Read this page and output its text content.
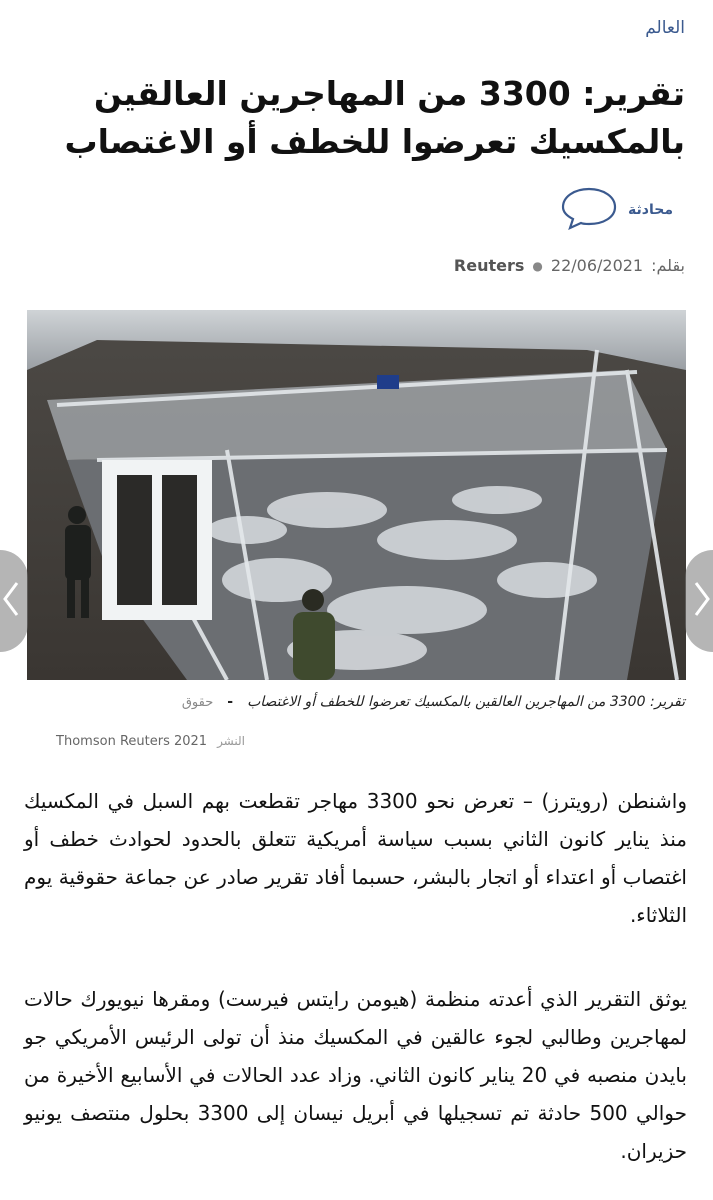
العالم
تقرير: 3300 من المهاجرين العالقين بالمكسيك تعرضوا للخطف أو الاغتصاب
محادثة
بقلم:
22/06/2021
●
Reuters
تقرير: 3300 من المهاجرين العالقين بالمكسيك تعرضوا للخطف أو الاغتصاب
-
حقوق
النشر
Thomson Reuters 2021

واشنطن (رويترز) – تعرض نحو 3300 مهاجر تقطعت بهم السبل في المكسيك منذ يناير كانون الثاني بسبب سياسة أمريكية تتعلق بالحدود لحوادث خطف أو اغتصاب أو اعتداء أو اتجار بالبشر، حسبما أفاد تقرير صادر عن جماعة حقوقية يوم الثلاثاء.

يوثق التقرير الذي أعدته منظمة (هيومن رايتس فيرست) ومقرها نيويورك حالات لمهاجرين وطالبي لجوء عالقين في المكسيك منذ أن تولى الرئيس الأمريكي جو بايدن منصبه في 20 يناير كانون الثاني. وزاد عدد الحالات في الأسابيع الأخيرة من حوالي 500 حادثة تم تسجيلها في أبريل نيسان إلى 3300 بحلول منتصف يونيو حزيران.
